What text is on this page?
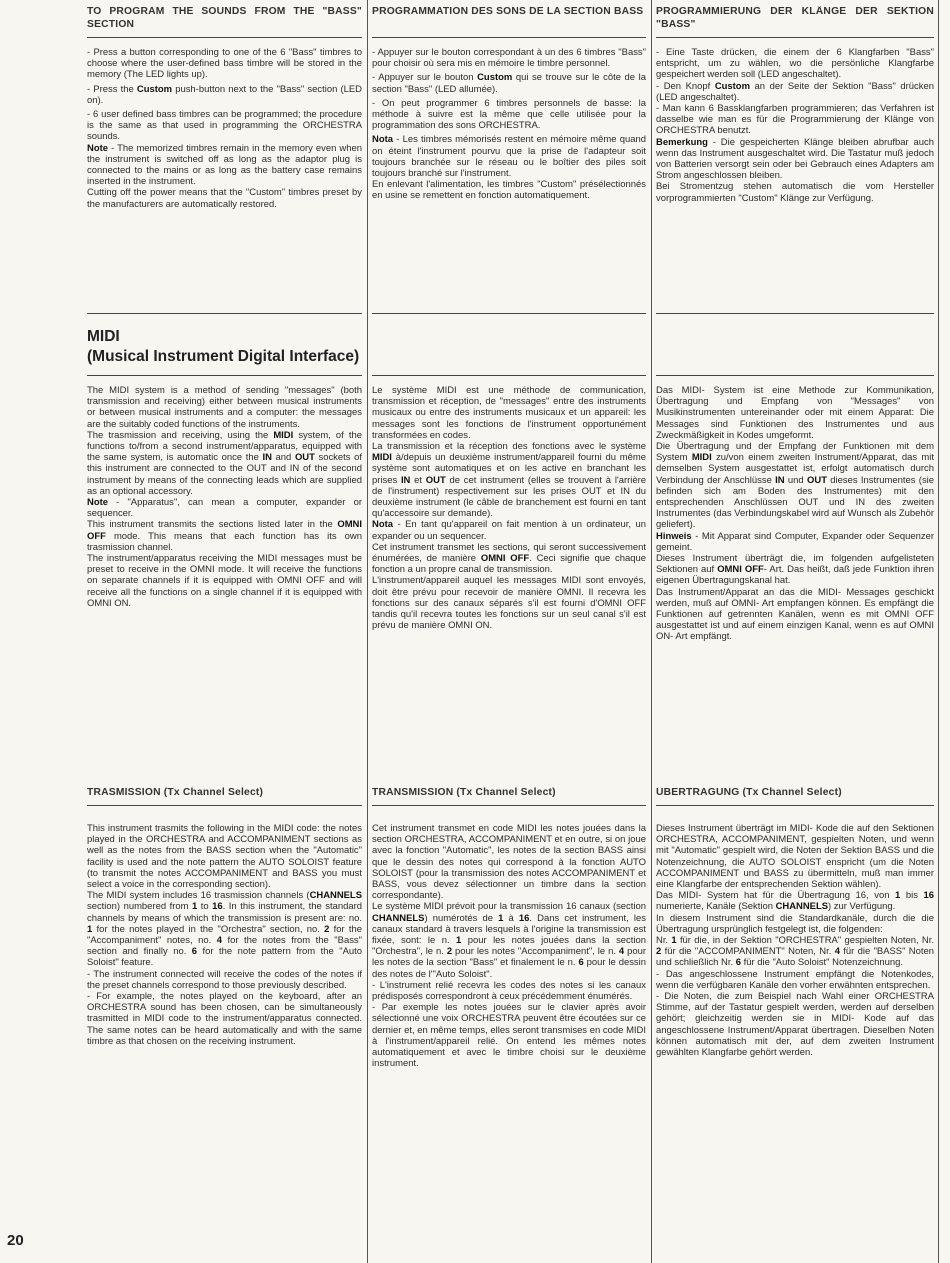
TO PROGRAM THE SOUNDS FROM THE "BASS" SECTION

- Press a button corresponding to one of the 6 "Bass" timbres to choose where the user-defined bass timbre will be stored in the memory (The LED lights up).

- Press the Custom push-button next to the "Bass" section (LED on).

- 6 user defined bass timbres can be programmed; the procedure is the same as that used in programming the ORCHESTRA sounds.

Note - The memorized timbres remain in the memory even when the instrument is switched off as long as the adaptor plug is connected to the mains or as long as the battery case remains inserted in the instrument.

Cutting off the power means that the "Custom" timbres preset by the manufacturers are automatically restored.

MIDI
(Musical Instrument Digital Interface)

The MIDI system is a method of sending "messages" (both transmission and receiving) either between musical instruments or between musical instruments and a computer: the messages are the suitably coded functions of the instruments.

The trasmission and receiving, using the MIDI system, of the functions to/from a second instrument/apparatus, equipped with the same system, is automatic once the IN and OUT sockets of this instrument are connected to the OUT and IN of the second instrument by means of the connecting leads which are supplied as an optional accessory.

Note - "Apparatus", can mean a computer, expander or sequencer.

This instrument transmits the sections listed later in the OMNI OFF mode. This means that each function has its own trasmission channel.

The instrument/apparatus receiving the MIDI messages must be preset to receive in the OMNI mode. It will receive the functions on separate channels if it is equipped with OMNI OFF and will receive all the functions on a single channel if it is equipped with OMNI ON.

TRASMISSION (Tx Channel Select)

This instrument trasmits the following in the MIDI code: the notes played in the ORCHESTRA and ACCOMPANIMENT sections as well as the notes from the BASS section when the "Automatic" facility is used and the note pattern the AUTO SOLOIST feature (to transmit the notes ACCOMPANIMENT and BASS you must select a voice in the corresponding section).

The MIDI system includes 16 trasmission channels (CHANNELS section) numbered from 1 to 16. In this instrument, the standard channels by means of which the transmission is present are: no. 1 for the notes played in the "Orchestra" section, no. 2 for the "Accompaniment" notes, no. 4 for the notes from the "Bass" section and finally no. 6 for the note pattern from the "Auto Soloist" feature.

- The instrument connected will receive the codes of the notes if the preset channels correspond to those previously described.

- For example, the notes played on the keyboard, after an ORCHESTRA sound has been chosen, can be simultaneously trasmitted in MIDI code to the instrument/apparatus connected. The same notes can be heard automatically and with the same timbre as that chosen on the receiving instrument.

PROGRAMMATION DES SONS DE LA SECTION BASS

- Appuyer sur le bouton correspondant à un des 6 timbres "Bass" pour choisir où sera mis en mémoire le timbre personnel.

- Appuyer sur le bouton Custom qui se trouve sur le côte de la section "Bass" (LED allumée).

- On peut programmer 6 timbres personnels de basse: la méthode à suivre est la même que celle utilisée pour la programmation des sons ORCHESTRA.

Nota - Les timbres mémorisés restent en mémoire même quand on éteint l'instrument pourvu que la prise de l'adapteur soit toujours branchée sur le réseau ou le boîtier des piles soit toujours branché sur l'instrument.

En enlevant l'alimentation, les timbres "Custom" présélectionnés en usine se remettent en fonction automatiquement.

Le système MIDI est une méthode de communication, transmission et réception, de "messages" entre des instruments musicaux ou entre des instruments musicaux et un appareil: les messages sont les fonctions de l'instrument opportunément transformées en codes.

La transmission et la réception des fonctions avec le système MIDI à/depuis un deuxième instrument/appareil fourni du même système sont automatiques et on les active en branchant les prises IN et OUT de cet instrument (elles se trouvent à l'arrière de l'instrument) respectivement sur les prises OUT et IN du deuxième instrument (le câble de branchement est fourni en tant qu'accessoire sur demande).

Nota - En tant qu'appareil on fait mention à un ordinateur, un expander ou un sequencer.

Cet instrument transmet les sections, qui seront successivement énumérées, de manière OMNI OFF. Ceci signifie que chaque fonction a un propre canal de transmission.

L'instrument/appareil auquel les messages MIDI sont envoyés, doit être prévu pour recevoir de manière OMNI. Il recevra les fonctions sur des canaux séparés s'il est fourni d'OMNI OFF tandis qu'il recevra toutes les fonctions sur un seul canal s'il est prévu de manière OMNI ON.

TRANSMISSION (Tx Channel Select)

Cet instrument transmet en code MIDI les notes jouées dans la section ORCHESTRA, ACCOMPANIMENT et en outre, si on joue avec la fonction "Automatic", les notes de la section BASS ainsi que le dessin des notes qui correspond à la fonction AUTO SOLOIST (pour la transmission des notes ACCOMPANIMENT et BASS, vous devez sélectionner un timbre dans la section correspondante).

Le système MIDI prévoit pour la transmission 16 canaux (section CHANNELS) numérotés de 1 à 16. Dans cet instrument, les canaux standard à travers lesquels à l'origine la transmission est fixée, sont: le n. 1 pour les notes jouées dans la section "Orchestra", le n. 2 pour les notes "Accompaniment", le n. 4 pour les notes de la section "Bass" et finalement le n. 6 pour le dessin des notes de l'"Auto Soloist".

- L'instrument relié recevra les codes des notes si les canaux prédisposés correspondront à ceux précédemment énumérés.

- Par exemple les notes jouées sur le clavier après avoir sélectionné une voix ORCHESTRA peuvent être écoutées sur ce dernier et, en même temps, elles seront transmises en code MIDI à l'instrument/appareil relié. On entend les mêmes notes automatiquement et avec le timbre choisi sur le deuxième instrument.

PROGRAMMIERUNG DER KLÄNGE DER SEKTION "BASS"

- Eine Taste drücken, die einem der 6 Klangfarben "Bass" entspricht, um zu wählen, wo die persönliche Klangfarbe gespeichert werden soll (LED angeschaltet).

- Den Knopf Custom an der Seite der Sektion "Bass" drücken (LED angeschaltet).

- Man kann 6 Bassklangfarben programmieren; das Verfahren ist dasselbe wie man es für die Programmierung der Klänge von ORCHESTRA benutzt.

Bemerkung - Die gespeicherten Klänge bleiben abrufbar auch wenn das Instrument ausgeschaltet wird. Die Tastatur muß jedoch von Batterien versorgt sein oder bei Gebrauch eines Adapters am Strom angeschlossen bleiben.

Bei Stromentzug stehen automatisch die vom Hersteller vorprogrammierten "Custom" Klänge zur Verfügung.

Das MIDI- System ist eine Methode zur Kommunikation, Übertragung und Empfang von "Messages" von Musikinstrumenten untereinander oder mit einem Apparat: Die Messages sind Funktionen des Instrumentes und aus Zweckmäßigkeit in Kodes umgeformt.

Die Übertragung und der Empfang der Funktionen mit dem System MIDI zu/von einem zweiten Instrument/Apparat, das mit demselben System ausgestattet ist, erfolgt automatisch durch Verbindung der Anschlüsse IN und OUT dieses Instrumentes (sie befinden sich am Boden des Instrumentes) mit den entsprechenden Anschlüssen OUT und IN des zweiten Instrumentes (das Verbindungskabel wird auf Wunsch als Zubehör geliefert).

Hinweis - Mit Apparat sind Computer, Expander oder Sequenzer gemeint.

Dieses Instrument überträgt die, im folgenden aufgelisteten Sektionen auf OMNI OFF- Art. Das heißt, daß jede Funktion ihren eigenen Übertragungskanal hat.

Das Instrument/Apparat an das die MIDI- Messages geschickt werden, muß auf OMNI- Art empfangen können. Es empfängt die Funktionen auf getrennten Kanälen, wenn es mit OMNI OFF ausgestattet ist und auf einem einzigen Kanal, wenn es auf OMNI ON- Art empfängt.

ÜBERTRAGUNG (Tx Channel Select)

Dieses Instrument überträgt im MIDI- Kode die auf den Sektionen ORCHESTRA, ACCOMPANIMENT, gespielten Noten, und wenn mit "Automatic" gespielt wird, die Noten der Sektion BASS und die Notenzeichnung, die AUTO SOLOIST enspricht (um die Noten ACCOMPANIMENT und BASS zu übermitteln, muß man immer eine Klangfarbe der entsprechenden Sektion wählen).

Das MIDI- System hat für die Übertragung 16, von 1 bis 16 numerierte, Kanäle (Sektion CHANNELS) zur Verfügung.

In diesem Instrument sind die Standardkanäle, durch die die Übertragung ursprünglich festgelegt ist, die folgenden:

Nr. 1 für die, in der Sektion "ORCHESTRA" gespielten Noten, Nr. 2 für die "ACCOMPANIMENT" Noten, Nr. 4 für die "BASS" Noten und schließlich Nr. 6 für die "Auto Soloist" Notenzeichnung.

- Das angeschlossene Instrument empfängt die Notenkodes, wenn die verfügbaren Kanäle den vorher erwähnten entsprechen.

- Die Noten, die zum Beispiel nach Wahl einer ORCHESTRA Stimme, auf der Tastatur gespielt werden, werden auf derselben gehört; gleichzeitig werden sie in MIDI- Kode auf das angeschlossene Instrument/Apparat übertragen. Dieselben Noten können automatisch mit der, auf dem zweiten Instrument gewählten Klangfarbe gehört werden.

20
